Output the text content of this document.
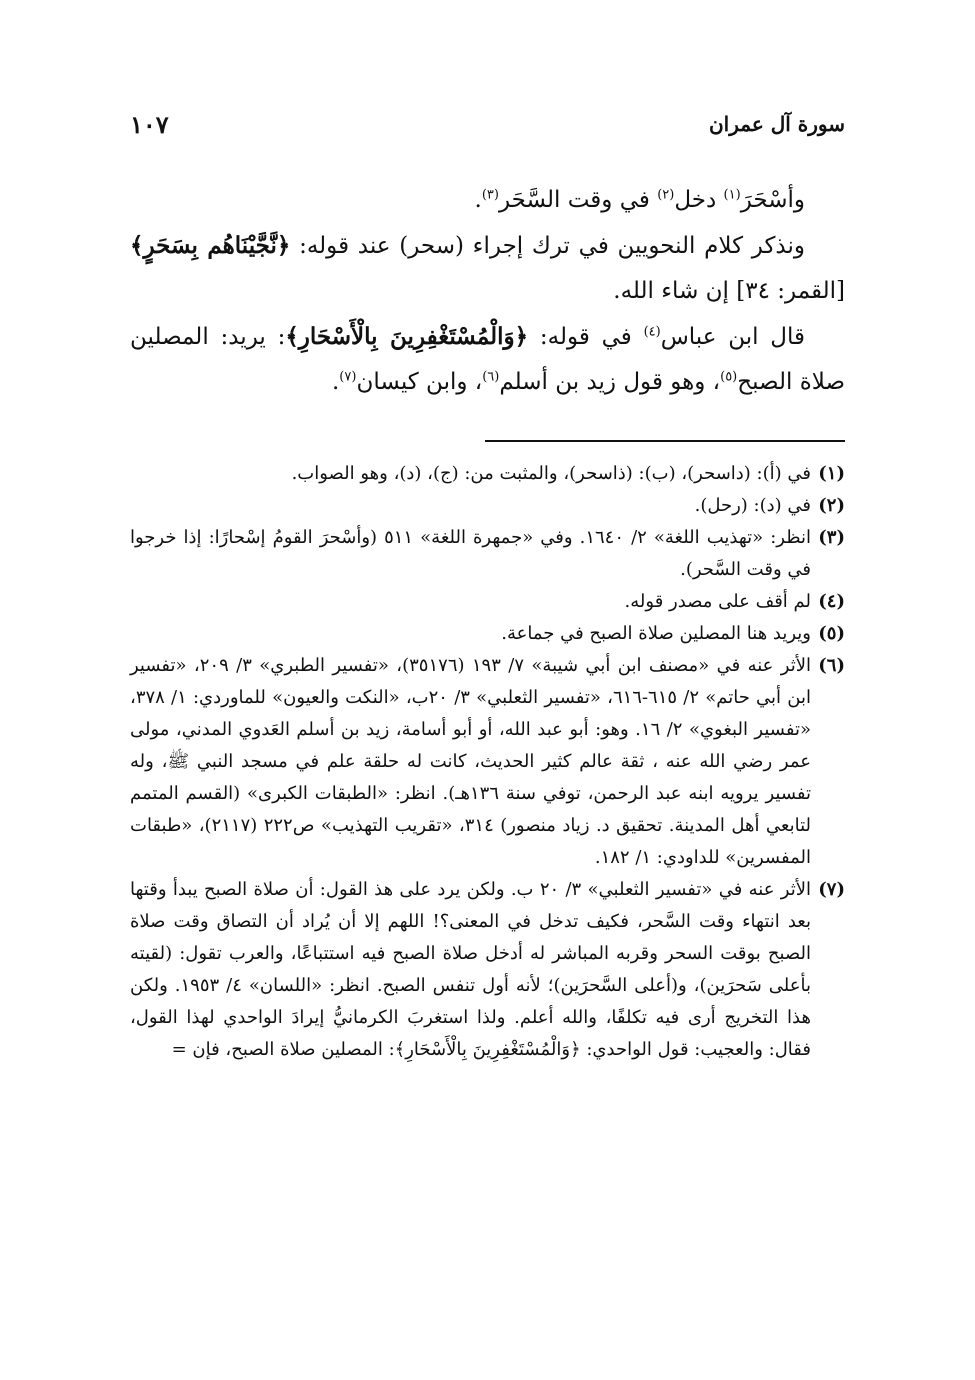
سورة آل عمران
١٠٧

وأسْحَرَ$^{(١)}$ دخل$^{(٢)}$ في وقت السَّحَر$^{(٣)}$.

ونذكر كلام النحويين في ترك إجراء (سحر) عند قوله: ﴿نَّجَّيْنَاهُم بِسَحَرٍ﴾ [القمر: ٣٤] إن شاء الله.

قال ابن عباس$^{(٤)}$ في قوله: ﴿وَالْمُسْتَغْفِرِينَ بِالْأَسْحَارِ﴾: يريد: المصلين صلاة الصبح$^{(٥)}$، وهو قول زيد بن أسلم$^{(٦)}$، وابن كيسان$^{(٧)}$.

(١)
في (أ): (داسحر)، (ب): (ذاسحر)، والمثبت من: (ج)، (د)، وهو الصواب.
(٢)
في (د): (رحل).
(٣)
انظر: «تهذيب اللغة» ٢/ ١٦٤٠. وفي «جمهرة اللغة» ٥١١ (وأسْحرَ القومُ إسْحارًا: إذا خرجوا في وقت السَّحر).
(٤)
لم أقف على مصدر قوله.
(٥)
ويريد هنا المصلين صلاة الصبح في جماعة.
(٦)
الأثر عنه في «مصنف ابن أبي شيبة» ٧/ ١٩٣ (٣٥١٧٦)، «تفسير الطبري» ٣/ ٢٠٩، «تفسير ابن أبي حاتم» ٢/ ٦١٥-٦١٦، «تفسير الثعلبي» ٣/ ٢٠ب، «النكت والعيون» للماوردي: ١/ ٣٧٨، «تفسير البغوي» ٢/ ١٦. وهو: أبو عبد الله، أو أبو أسامة، زيد بن أسلم العَدوي المدني، مولى عمر رضي الله عنه ، ثقة عالم كثير الحديث، كانت له حلقة علم في مسجد النبي ﷺ، وله تفسير يرويه ابنه عبد الرحمن، توفي سنة ١٣٦هـ). انظر: «الطبقات الكبرى» (القسم المتمم لتابعي أهل المدينة. تحقيق د. زياد منصور) ٣١٤، «تقريب التهذيب» ص٢٢٢ (٢١١٧)، «طبقات المفسرين» للداودي: ١/ ١٨٢.
(٧)
الأثر عنه في «تفسير الثعلبي» ٣/ ٢٠ ب. ولكن يرد على هذ القول: أن صلاة الصبح يبدأ وقتها بعد انتهاء وقت السَّحر، فكيف تدخل في المعنى؟! اللهم إلا أن يُراد أن التصاق وقت صلاة الصبح بوقت السحر وقربه المباشر له أدخل صلاة الصبح فيه استتباعًا، والعرب تقول: (لقيته بأعلى سَحرَين)، و(أعلى السَّحرَين)؛ لأنه أول تنفس الصبح. انظر: «اللسان» ٤/ ١٩٥٣. ولكن هذا التخريج أرى فيه تكلفًا، والله أعلم. ولذا استغربَ الكرمانيُّ إيرادَ الواحدي لهذا القول، فقال: والعجيب: قول الواحدي: ﴿وَالْمُسْتَغْفِرِينَ بِالْأَسْحَارِ﴾: المصلين صلاة الصبح، فإن =
